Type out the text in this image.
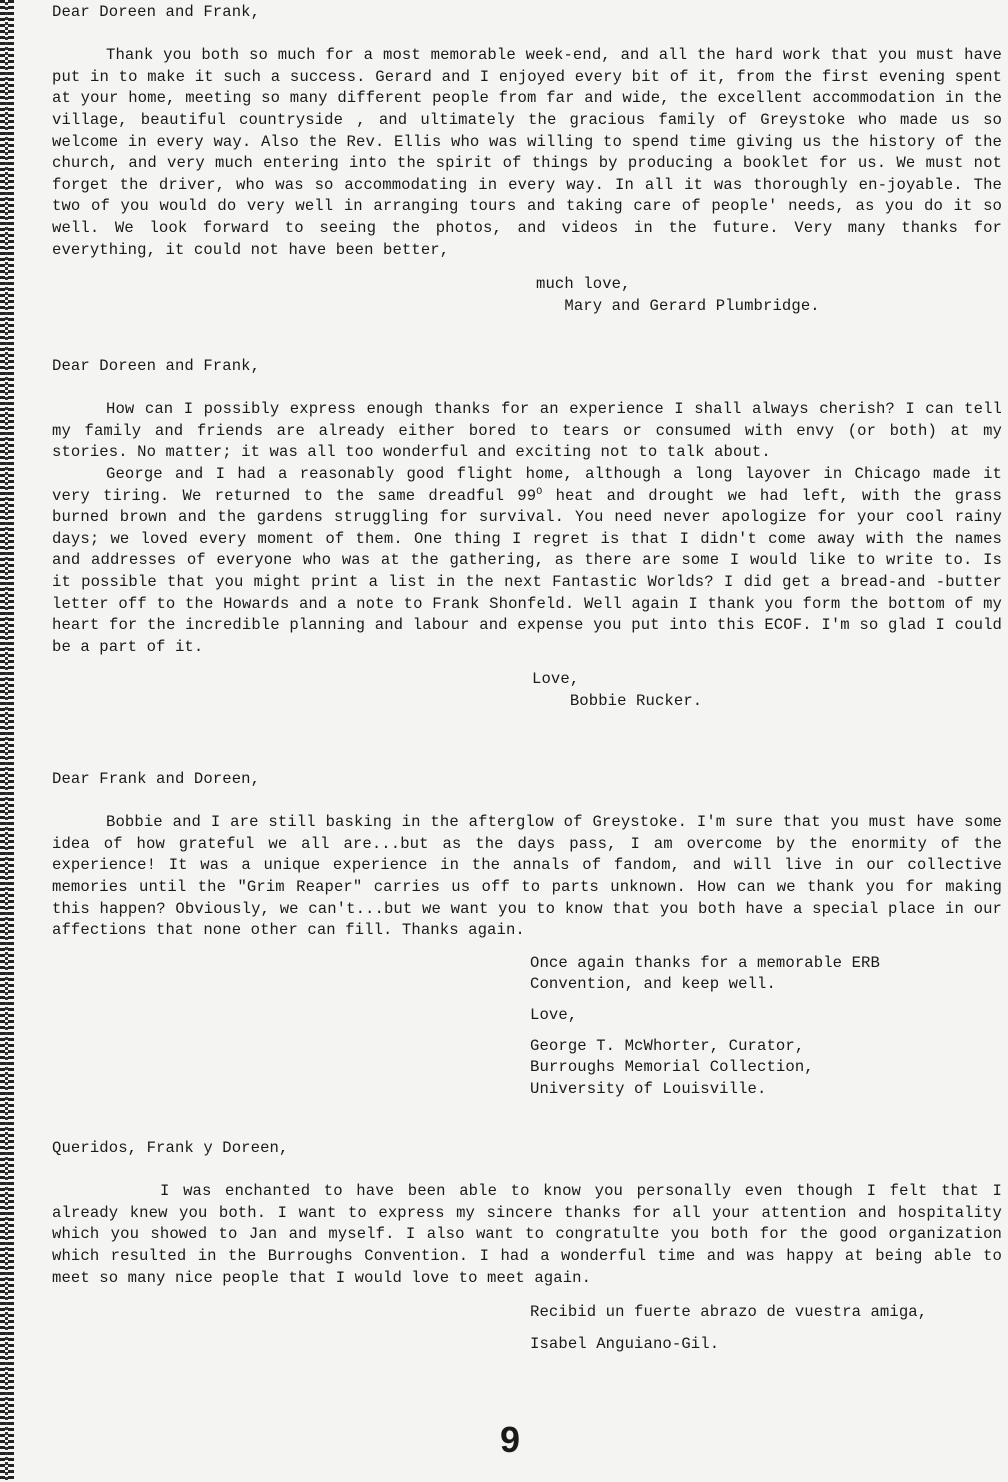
Dear Doreen and Frank,

Thank you both so much for a most memorable week-end, and all the hard work that you must have put in to make it such a success. Gerard and I enjoyed every bit of it, from the first evening spent at your home, meeting so many different people from far and wide, the excellent accommodation in the village, beautiful countryside , and ultimately the gracious family of Greystoke who made us so welcome in every way. Also the Rev. Ellis who was willing to spend time giving us the history of the church, and very much entering into the spirit of things by producing a booklet for us. We must not forget the driver, who was so accommodating in every way. In all it was thoroughly en-joyable. The two of you would do very well in arranging tours and taking care of people' needs, as you do it so well. We look forward to seeing the photos, and videos in the future. Very many thanks for everything, it could not have been better,

much love,
Mary and Gerard Plumbridge.

Dear Doreen and Frank,

How can I possibly express enough thanks for an experience I shall always cherish? I can tell my family and friends are already either bored to tears or consumed with envy (or both) at my stories. No matter; it was all too wonderful and exciting not to talk about.

George and I had a reasonably good flight home, although a long layover in Chicago made it very tiring. We returned to the same dreadful $99^O$ heat and drought we had left, with the grass burned brown and the gardens struggling for survival. You need never apologize for your cool rainy days; we loved every moment of them. One thing I regret is that I didn't come away with the names and addresses of everyone who was at the gathering, as there are some I would like to write to. Is it possible that you might print a list in the next Fantastic Worlds? I did get a bread-and -butter letter off to the Howards and a note to Frank Shonfeld. Well again I thank you form the bottom of my heart for the incredible planning and labour and expense you put into this ECOF. I'm so glad I could be a part of it.

Love,
Bobbie Rucker.

Dear Frank and Doreen,

Bobbie and I are still basking in the afterglow of Greystoke. I'm sure that you must have some idea of how grateful we all are...but as the days pass, I am overcome by the enormity of the experience! It was a unique experience in the annals of fandom, and will live in our collective memories until the "Grim Reaper" carries us off to parts unknown. How can we thank you for making this happen? Obviously, we can't...but we want you to know that you both have a special place in our affections that none other can fill. Thanks again.

Once again thanks for a memorable ERB
Convention, and keep well.
Love,
George T. McWhorter, Curator,
Burroughs Memorial Collection,
University of Louisville.

Queridos, Frank y Doreen,

I was enchanted to have been able to know you personally even though I felt that I already knew you both. I want to express my sincere thanks for all your attention and hospitality which you showed to Jan and myself. I also want to congratulte you both for the good organization which resulted in the Burroughs Convention. I had a wonderful time and was happy at being able to meet so many nice people that I would love to meet again.

Recibid un fuerte abrazo de vuestra amiga,
Isabel Anguiano-Gil.
9
